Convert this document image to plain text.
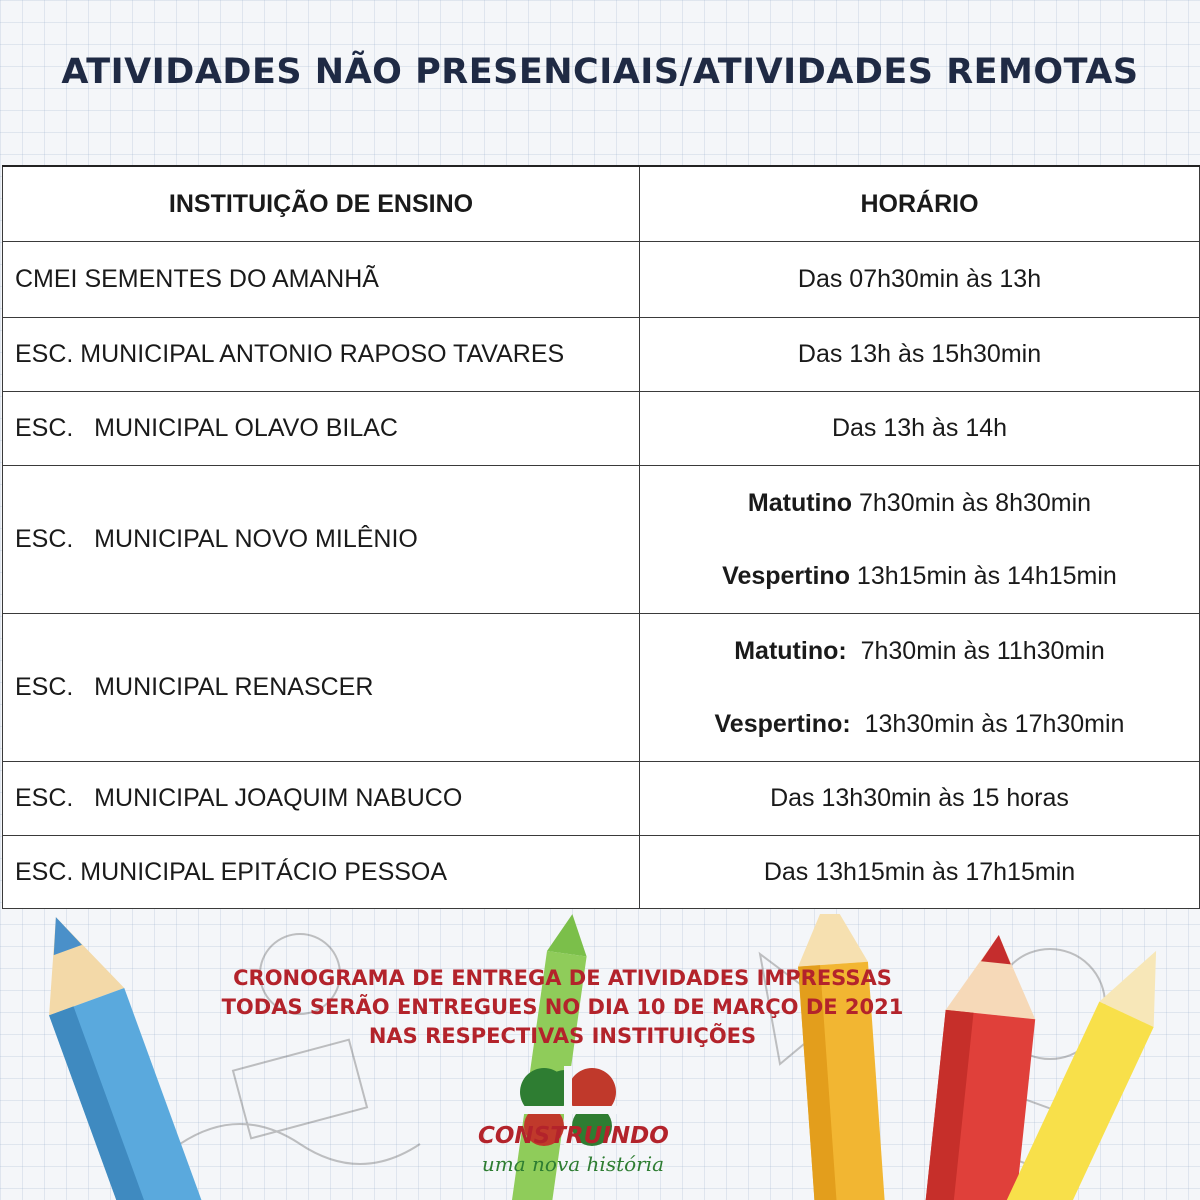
ATIVIDADES NÃO PRESENCIAIS/ATIVIDADES REMOTAS
INSTITUIÇÃO DE ENSINO	HORÁRIO
CMEI SEMENTES DO AMANHÃ	Das 07h30min às 13h
ESC. MUNICIPAL ANTONIO RAPOSO TAVARES	Das 13h às 15h30min
ESC.   MUNICIPAL OLAVO BILAC	Das 13h às 14h
ESC.   MUNICIPAL NOVO MILÊNIO	Matutino 7h30min às 8h30min
Vespertino 13h15min às 14h15min

ESC.   MUNICIPAL RENASCER	Matutino:  7h30min às 11h30min
Vespertino:  13h30min às 17h30min

ESC.   MUNICIPAL JOAQUIM NABUCO	Das 13h30min às 15 horas
ESC. MUNICIPAL EPITÁCIO PESSOA	Das 13h15min às 17h15min
CRONOGRAMA DE ENTREGA DE ATIVIDADES IMPRESSAS
TODAS SERÃO ENTREGUES NO DIA 10 DE MARÇO DE 2021
NAS RESPECTIVAS INSTITUIÇÕES
CONSTRUINDO
uma nova história
